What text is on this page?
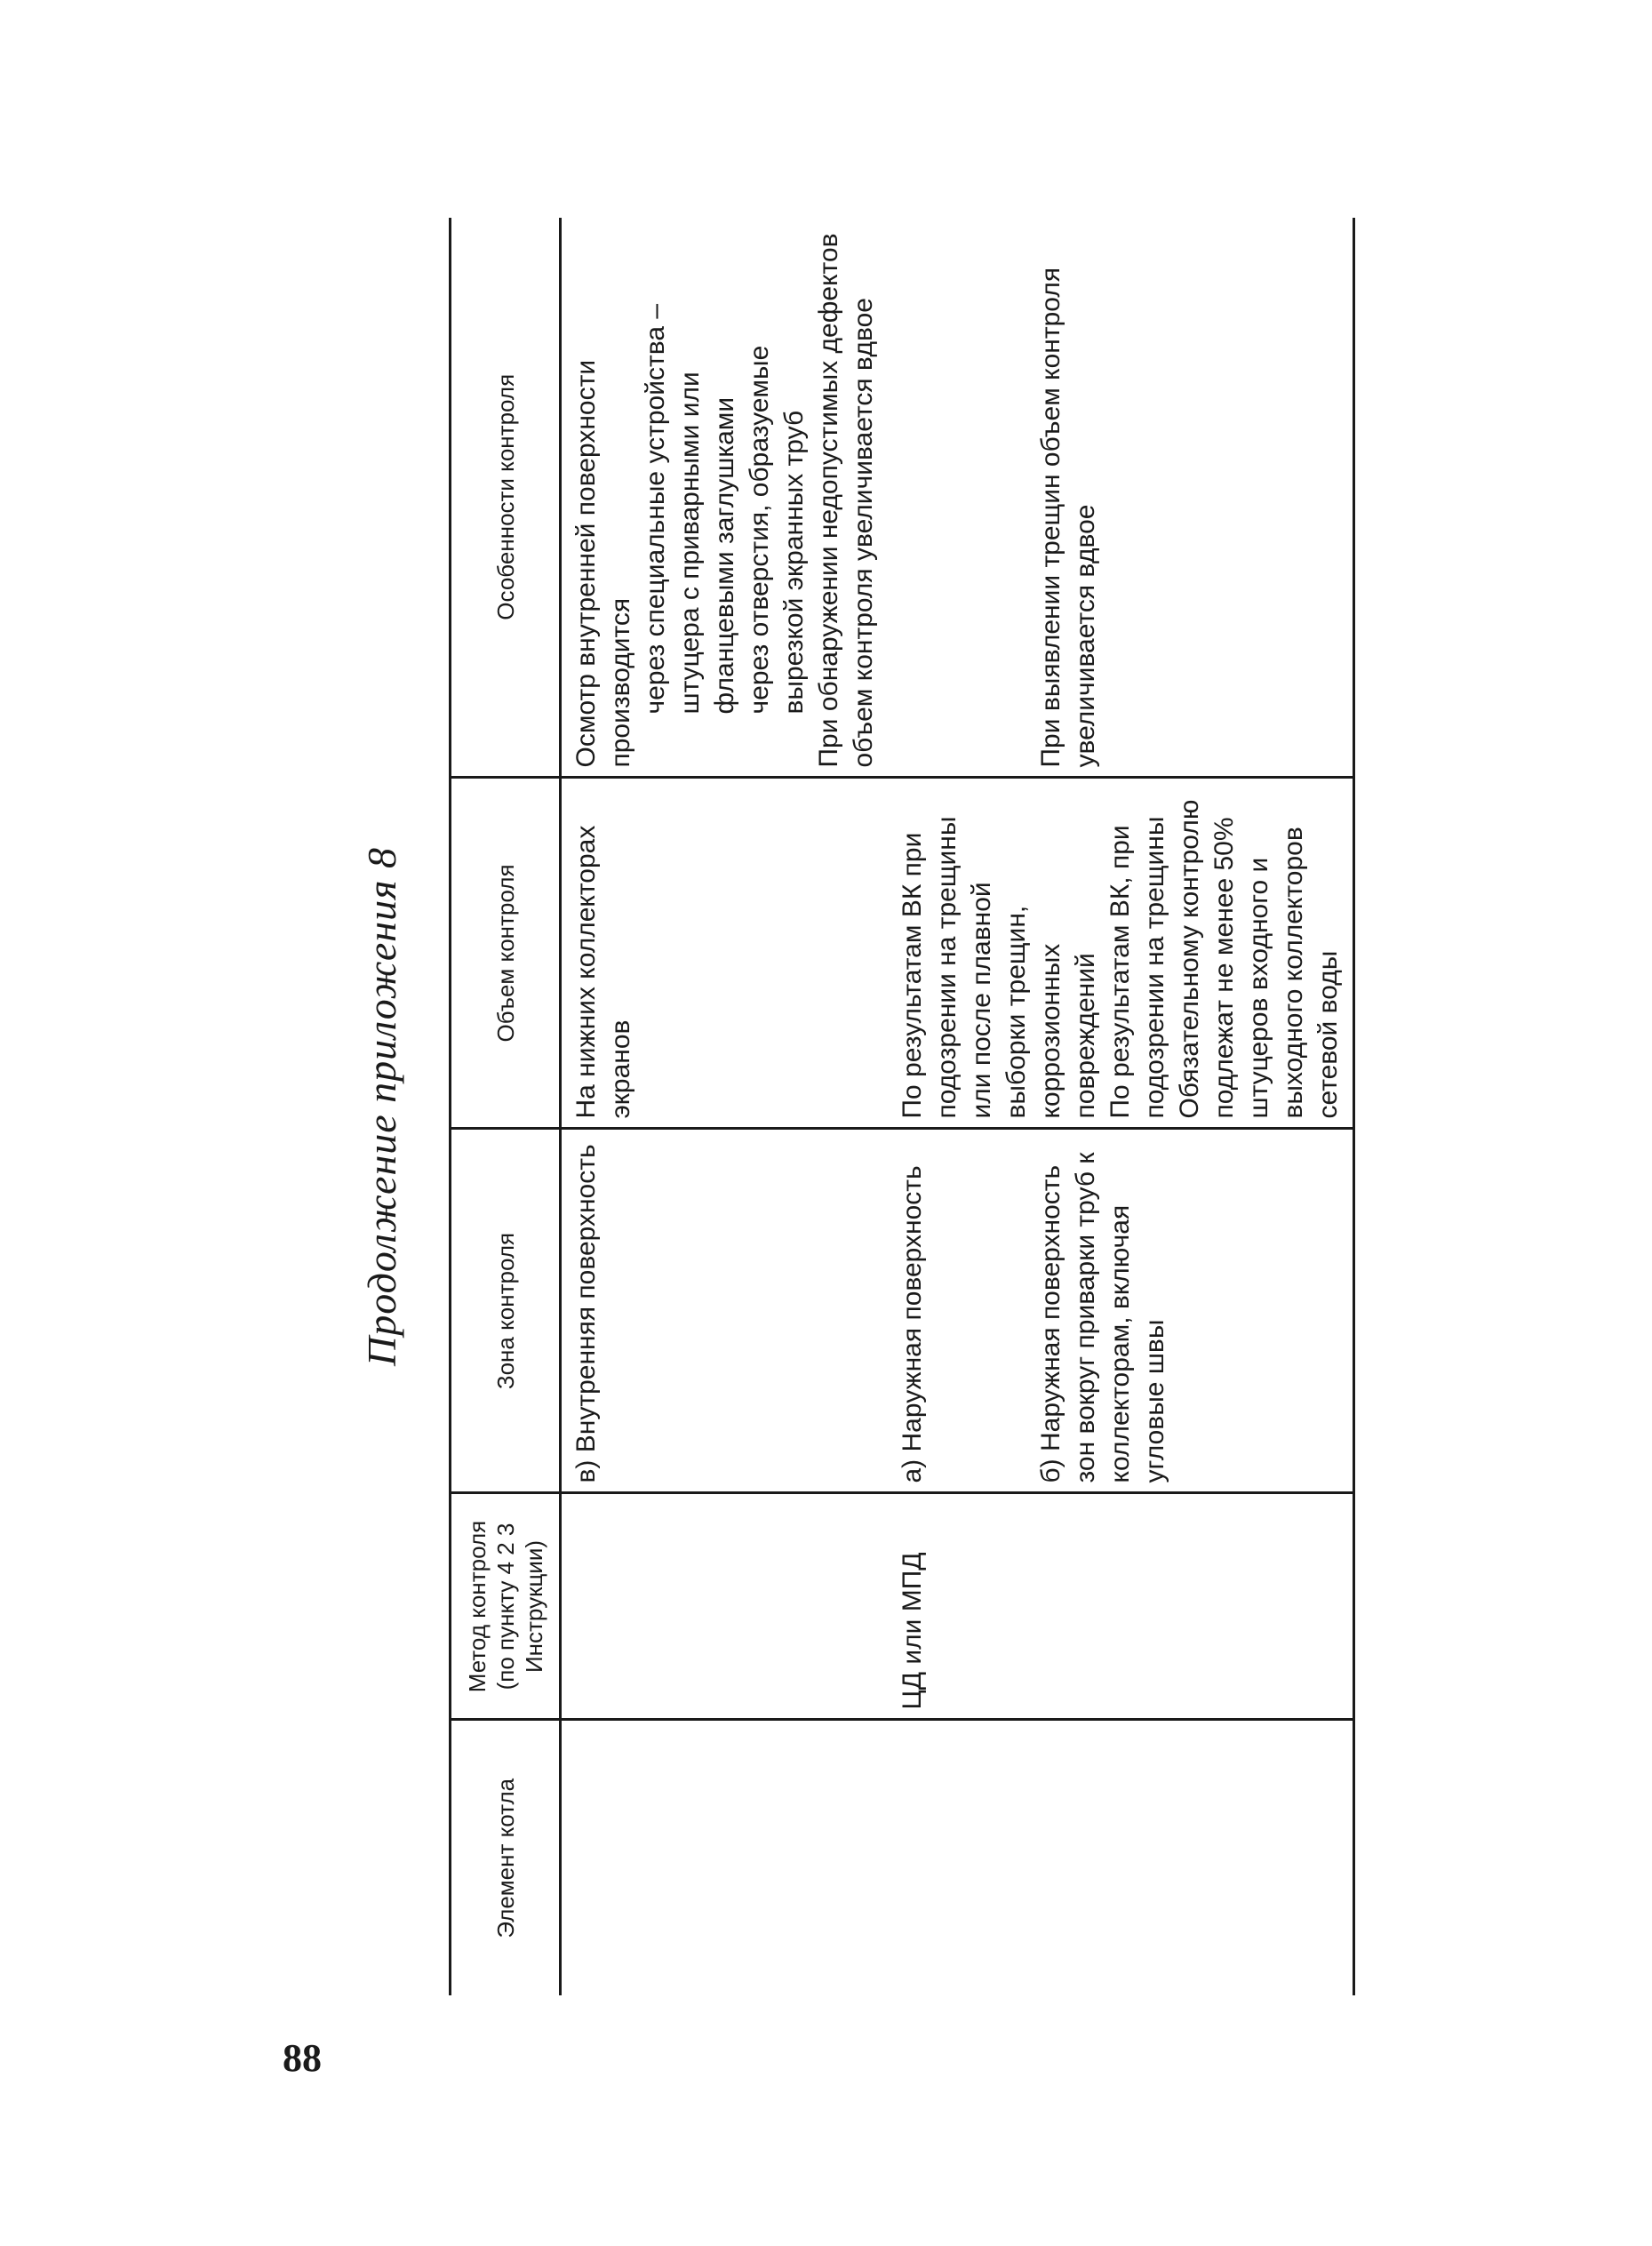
88
Продолжение приложения 8
Элемент котла	Метод контроля (по пункту 4 2 3 Инструкции)	Зона контроля	Объем контроля	Особенности контроля
		в) Внутренняя поверхность	На нижних коллекторах экранов	Осмотр внутренней поверхности производится через специальные устройства – штуцера с приварными или фланцевыми заглушками через отверстия, образуемые вырезкой экранных труб При обнаружении недопустимых дефектов объем контроля увеличивается вдвое
	ЦД или МПД	а) Наружная поверхность б) Наружная поверхность зон вокруг приварки труб к коллекторам, включая угловые швы	По результатам ВК при подозрении на трещины или после плавной выборки трещин, коррозионных повреждений По результатам ВК, при подозрении на трещины Обязательному контролю подлежат не менее 50% штуцеров входного и выходного коллекторов сетевой воды	При выявлении трещин объем контроля увеличивается вдвое
